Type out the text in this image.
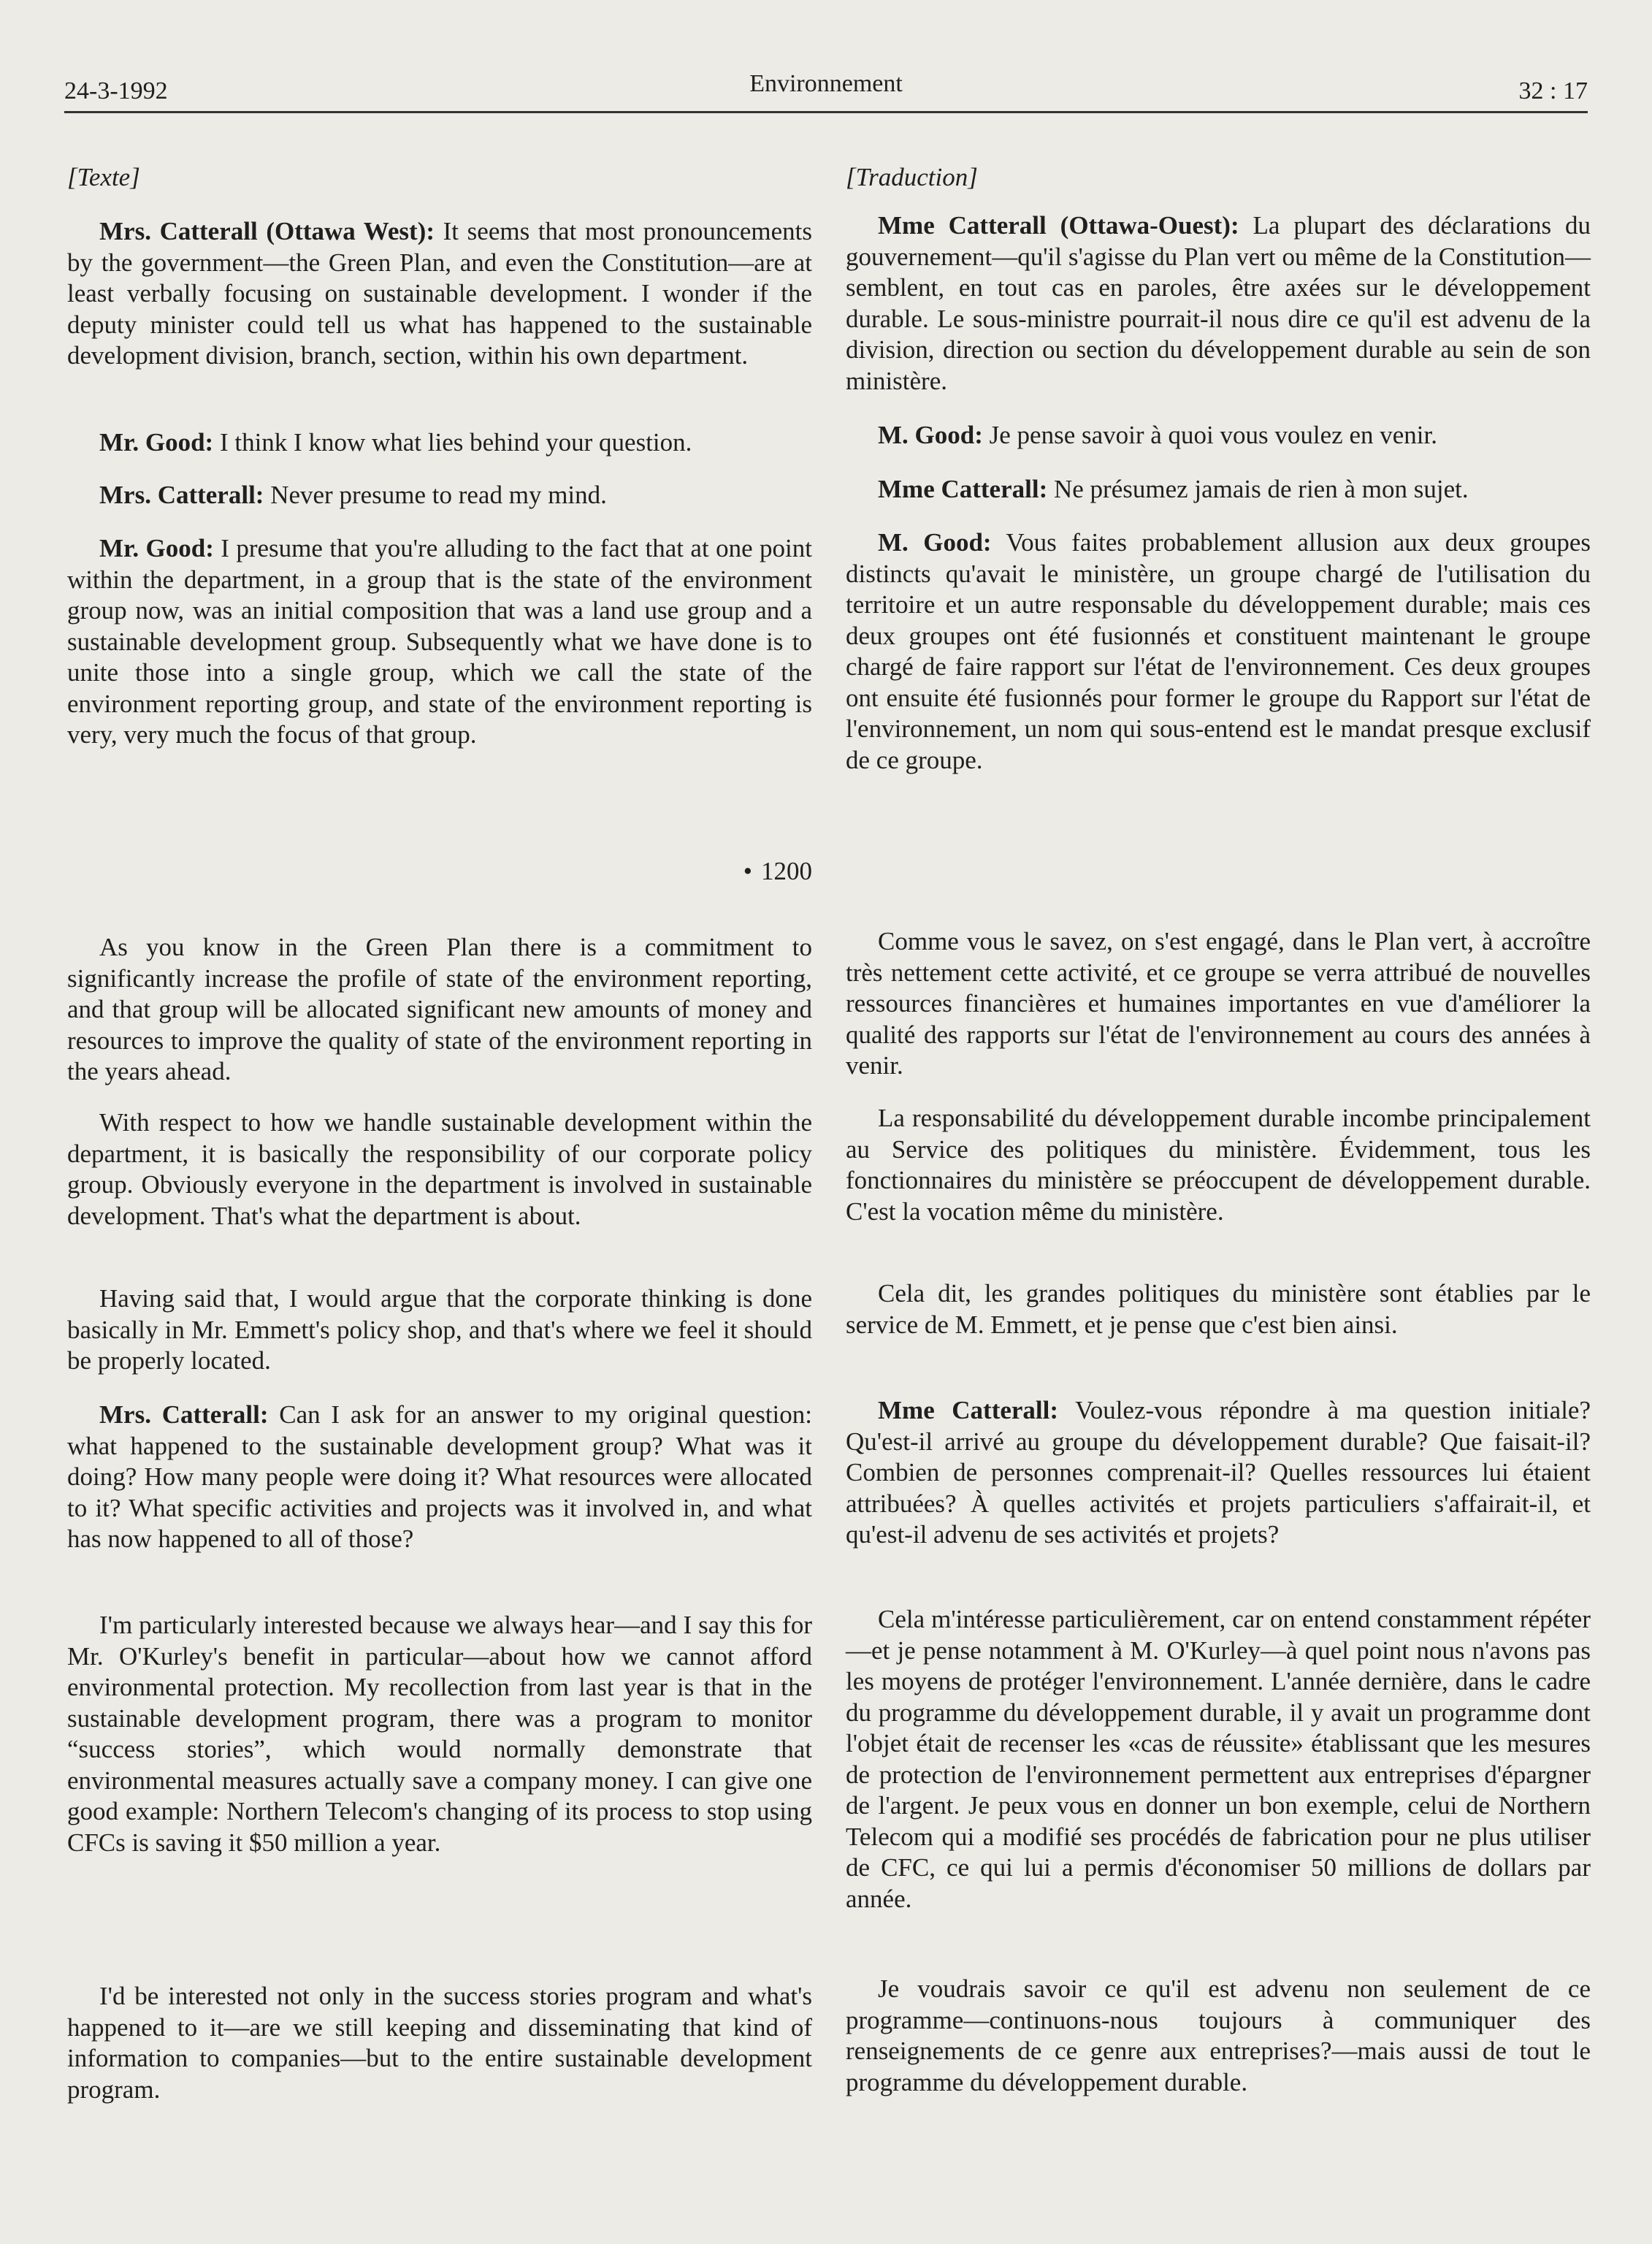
24-3-1992	Environnement	32 : 17
[Texte]

Mrs. Catterall (Ottawa West): It seems that most pronouncements by the government—the Green Plan, and even the Constitution—are at least verbally focusing on sustainable development. I wonder if the deputy minister could tell us what has happened to the sustainable development division, branch, section, within his own department.

Mr. Good: I think I know what lies behind your question.

Mrs. Catterall: Never presume to read my mind.

Mr. Good: I presume that you're alluding to the fact that at one point within the department, in a group that is the state of the environment group now, was an initial composition that was a land use group and a sustainable development group. Subsequently what we have done is to unite those into a single group, which we call the state of the environment reporting group, and state of the environment reporting is very, very much the focus of that group.

• 1200

As you know in the Green Plan there is a commitment to significantly increase the profile of state of the environment reporting, and that group will be allocated significant new amounts of money and resources to improve the quality of state of the environment reporting in the years ahead.

With respect to how we handle sustainable development within the department, it is basically the responsibility of our corporate policy group. Obviously everyone in the department is involved in sustainable development. That's what the department is about.

Having said that, I would argue that the corporate thinking is done basically in Mr. Emmett's policy shop, and that's where we feel it should be properly located.

Mrs. Catterall: Can I ask for an answer to my original question: what happened to the sustainable development group? What was it doing? How many people were doing it? What resources were allocated to it? What specific activities and projects was it involved in, and what has now happened to all of those?

I'm particularly interested because we always hear—and I say this for Mr. O'Kurley's benefit in particular—about how we cannot afford environmental protection. My recollection from last year is that in the sustainable development program, there was a program to monitor “success stories”, which would normally demonstrate that environmental measures actually save a company money. I can give one good example: Northern Telecom's changing of its process to stop using CFCs is saving it $50 million a year.

I'd be interested not only in the success stories program and what's happened to it—are we still keeping and disseminating that kind of information to companies—but to the entire sustainable development program.

[Traduction]

Mme Catterall (Ottawa-Ouest): La plupart des déclarations du gouvernement—qu'il s'agisse du Plan vert ou même de la Constitution—semblent, en tout cas en paroles, être axées sur le développement durable. Le sous-ministre pourrait-il nous dire ce qu'il est advenu de la division, direction ou section du développement durable au sein de son ministère.

M. Good: Je pense savoir à quoi vous voulez en venir.

Mme Catterall: Ne présumez jamais de rien à mon sujet.

M. Good: Vous faites probablement allusion aux deux groupes distincts qu'avait le ministère, un groupe chargé de l'utilisation du territoire et un autre responsable du développement durable; mais ces deux groupes ont été fusionnés et constituent maintenant le groupe chargé de faire rapport sur l'état de l'environnement. Ces deux groupes ont ensuite été fusionnés pour former le groupe du Rapport sur l'état de l'environnement, un nom qui sous-entend est le mandat presque exclusif de ce groupe.

Comme vous le savez, on s'est engagé, dans le Plan vert, à accroître très nettement cette activité, et ce groupe se verra attribué de nouvelles ressources financières et humaines importantes en vue d'améliorer la qualité des rapports sur l'état de l'environnement au cours des années à venir.

La responsabilité du développement durable incombe principalement au Service des politiques du ministère. Évidemment, tous les fonctionnaires du ministère se préoccupent de développement durable. C'est la vocation même du ministère.

Cela dit, les grandes politiques du ministère sont établies par le service de M. Emmett, et je pense que c'est bien ainsi.

Mme Catterall: Voulez-vous répondre à ma question initiale? Qu'est-il arrivé au groupe du développement durable? Que faisait-il? Combien de personnes comprenait-il? Quelles ressources lui étaient attribuées? À quelles activités et projets particuliers s'affairait-il, et qu'est-il advenu de ses activités et projets?

Cela m'intéresse particulièrement, car on entend constamment répéter—et je pense notamment à M. O'Kurley—à quel point nous n'avons pas les moyens de protéger l'environnement. L'année dernière, dans le cadre du programme du développement durable, il y avait un programme dont l'objet était de recenser les «cas de réussite» établissant que les mesures de protection de l'environnement permettent aux entreprises d'épargner de l'argent. Je peux vous en donner un bon exemple, celui de Northern Telecom qui a modifié ses procédés de fabrication pour ne plus utiliser de CFC, ce qui lui a permis d'économiser 50 millions de dollars par année.

Je voudrais savoir ce qu'il est advenu non seulement de ce programme—continuons-nous toujours à communiquer des renseignements de ce genre aux entreprises?—mais aussi de tout le programme du développement durable.
